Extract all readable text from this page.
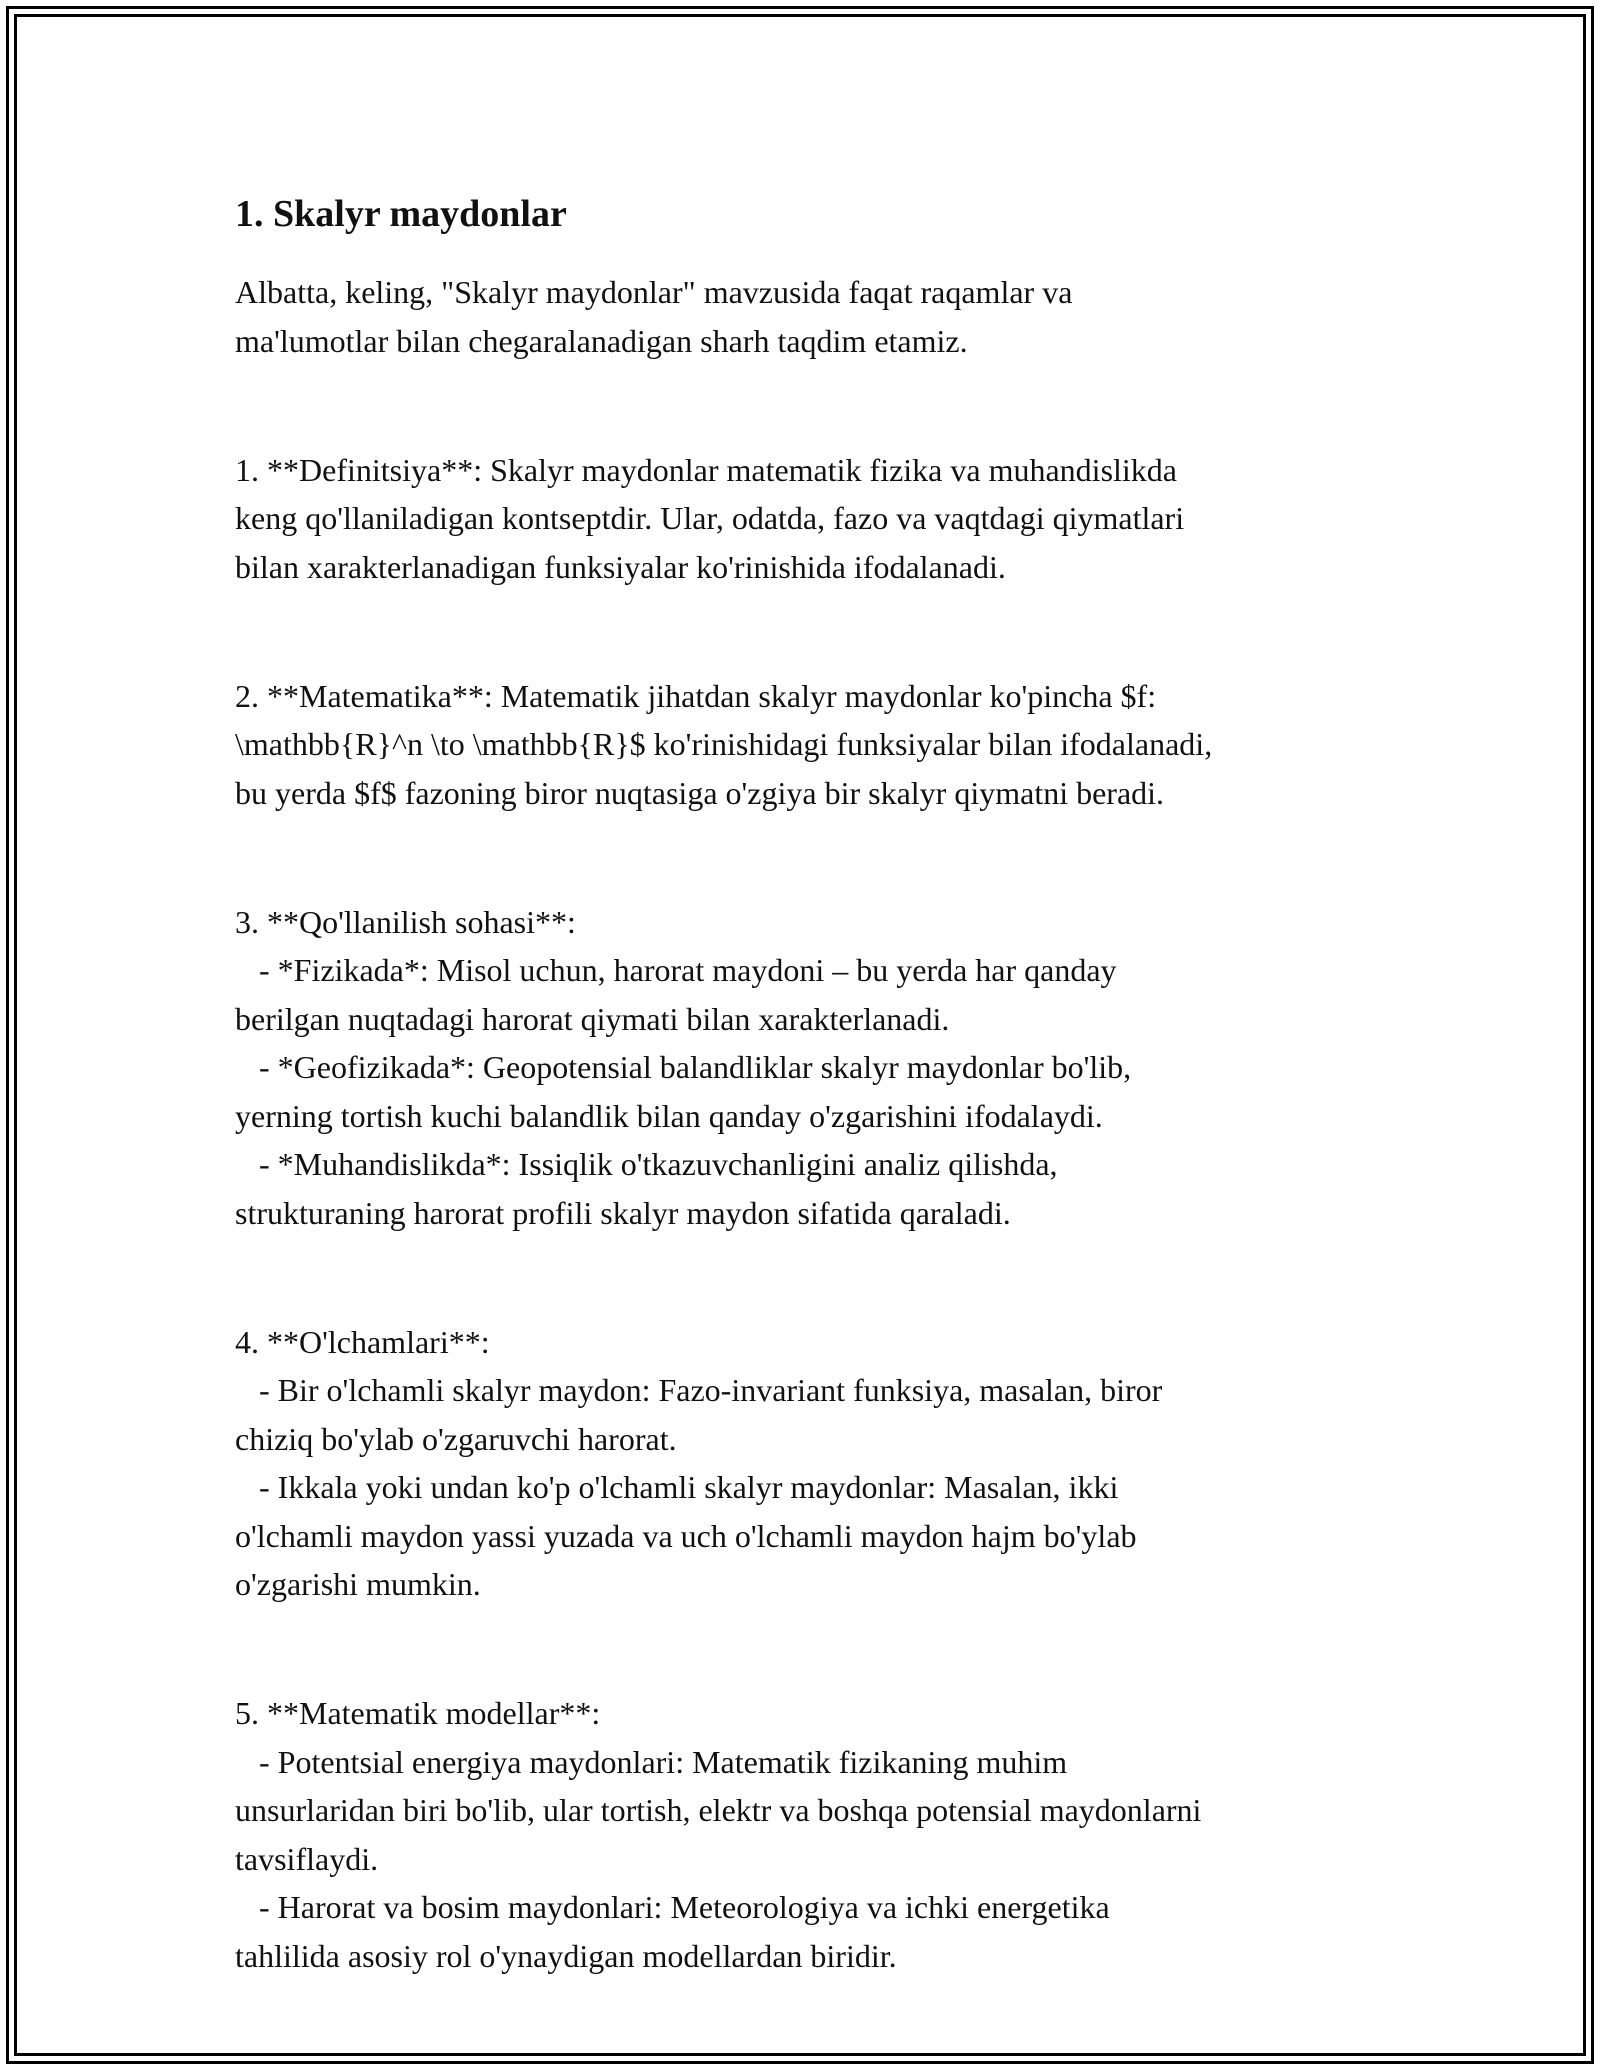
1. Skalyr maydonlar

Albatta, keling, "Skalyr maydonlar" mavzusida faqat raqamlar va

ma'lumotlar bilan chegaralanadigan sharh taqdim etamiz.

1. **Definitsiya**: Skalyr maydonlar matematik fizika va muhandislikda

keng qo'llaniladigan kontseptdir. Ular, odatda, fazo va vaqtdagi qiymatlari

bilan xarakterlanadigan funksiyalar ko'rinishida ifodalanadi.

2. **Matematika**: Matematik jihatdan skalyr maydonlar ko'pincha $f:

\mathbb{R}^n \to \mathbb{R}$ ko'rinishidagi funksiyalar bilan ifodalanadi,

bu yerda $f$ fazoning biror nuqtasiga o'zgiya bir skalyr qiymatni beradi.

3. **Qo'llanilish sohasi**:

- *Fizikada*: Misol uchun, harorat maydoni – bu yerda har qanday

berilgan nuqtadagi harorat qiymati bilan xarakterlanadi.

- *Geofizikada*: Geopotensial balandliklar skalyr maydonlar bo'lib,

yerning tortish kuchi balandlik bilan qanday o'zgarishini ifodalaydi.

- *Muhandislikda*: Issiqlik o'tkazuvchanligini analiz qilishda,

strukturaning harorat profili skalyr maydon sifatida qaraladi.

4. **O'lchamlari**:

- Bir o'lchamli skalyr maydon: Fazo-invariant funksiya, masalan, biror

chiziq bo'ylab o'zgaruvchi harorat.

- Ikkala yoki undan ko'p o'lchamli skalyr maydonlar: Masalan, ikki

o'lchamli maydon yassi yuzada va uch o'lchamli maydon hajm bo'ylab

o'zgarishi mumkin.

5. **Matematik modellar**:

- Potentsial energiya maydonlari: Matematik fizikaning muhim

unsurlaridan biri bo'lib, ular tortish, elektr va boshqa potensial maydonlarni

tavsiflaydi.

- Harorat va bosim maydonlari: Meteorologiya va ichki energetika

tahlilida asosiy rol o'ynaydigan modellardan biridir.
